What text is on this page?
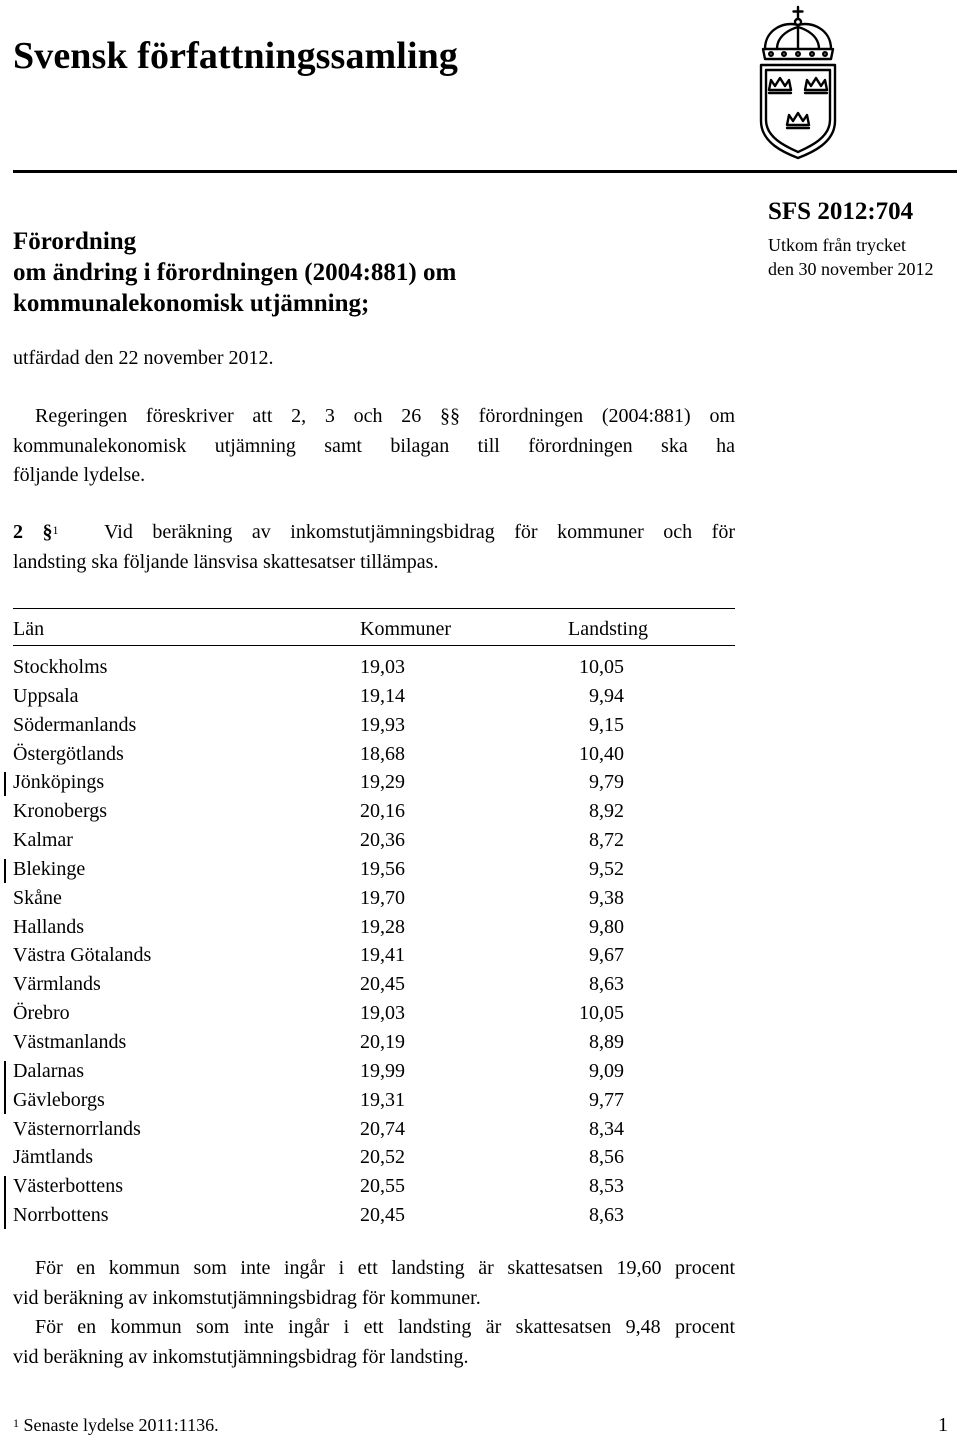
Svensk författningssamling
Förordning
om ändring i förordningen (2004:881) om
kommunalekonomisk utjämning;
SFS 2012:704
Utkom från trycket
den 30 november 2012
utfärdad den 22 november 2012.
Regeringen föreskriver att 2, 3 och 26 §§ förordningen (2004:881) om
kommunalekonomisk utjämning samt bilagan till förordningen ska ha
följande lydelse.
2 §$^1$ Vid beräkning av inkomstutjämningsbidrag för kommuner och för
landsting ska följande länsvisa skattesatser tillämpas.
Län	Kommuner	Landsting
Stockholms	19,03	10,05
Uppsala	19,14	9,94
Södermanlands	19,93	9,15
Östergötlands	18,68	10,40
Jönköpings	19,29	9,79
Kronobergs	20,16	8,92
Kalmar	20,36	8,72
Blekinge	19,56	9,52
Skåne	19,70	9,38
Hallands	19,28	9,80
Västra Götalands	19,41	9,67
Värmlands	20,45	8,63
Örebro	19,03	10,05
Västmanlands	20,19	8,89
Dalarnas	19,99	9,09
Gävleborgs	19,31	9,77
Västernorrlands	20,74	8,34
Jämtlands	20,52	8,56
Västerbottens	20,55	8,53
Norrbottens	20,45	8,63
För en kommun som inte ingår i ett landsting är skattesatsen 19,60 procent
vid beräkning av inkomstutjämningsbidrag för kommuner.
För en kommun som inte ingår i ett landsting är skattesatsen 9,48 procent
vid beräkning av inkomstutjämningsbidrag för landsting.
$^1$ Senaste lydelse 2011:1136.	1
